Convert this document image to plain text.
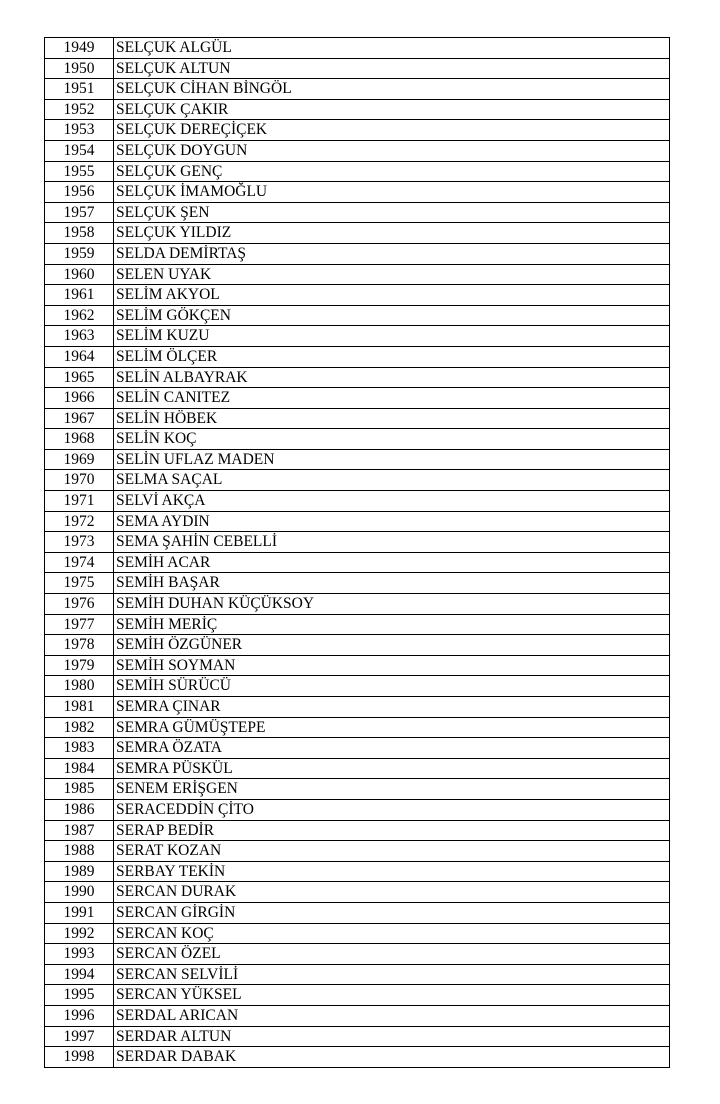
1949	SELÇUK ALGÜL
1950	SELÇUK ALTUN
1951	SELÇUK CİHAN BİNGÖL
1952	SELÇUK ÇAKIR
1953	SELÇUK DEREÇİÇEK
1954	SELÇUK DOYGUN
1955	SELÇUK GENÇ
1956	SELÇUK İMAMOĞLU
1957	SELÇUK ŞEN
1958	SELÇUK YILDIZ
1959	SELDA DEMİRTAŞ
1960	SELEN UYAK
1961	SELİM AKYOL
1962	SELİM GÖKÇEN
1963	SELİM KUZU
1964	SELİM ÖLÇER
1965	SELİN ALBAYRAK
1966	SELİN CANITEZ
1967	SELİN HÖBEK
1968	SELİN KOÇ
1969	SELİN UFLAZ MADEN
1970	SELMA SAÇAL
1971	SELVİ AKÇA
1972	SEMA AYDIN
1973	SEMA ŞAHİN CEBELLİ
1974	SEMİH ACAR
1975	SEMİH BAŞAR
1976	SEMİH DUHAN KÜÇÜKSOY
1977	SEMİH MERİÇ
1978	SEMİH ÖZGÜNER
1979	SEMİH SOYMAN
1980	SEMİH SÜRÜCÜ
1981	SEMRA ÇINAR
1982	SEMRA GÜMÜŞTEPE
1983	SEMRA ÖZATA
1984	SEMRA PÜSKÜL
1985	SENEM ERİŞGEN
1986	SERACEDDİN ÇİTO
1987	SERAP BEDİR
1988	SERAT KOZAN
1989	SERBAY TEKİN
1990	SERCAN DURAK
1991	SERCAN GİRGİN
1992	SERCAN KOÇ
1993	SERCAN ÖZEL
1994	SERCAN SELVİLİ
1995	SERCAN YÜKSEL
1996	SERDAL ARICAN
1997	SERDAR ALTUN
1998	SERDAR DABAK
